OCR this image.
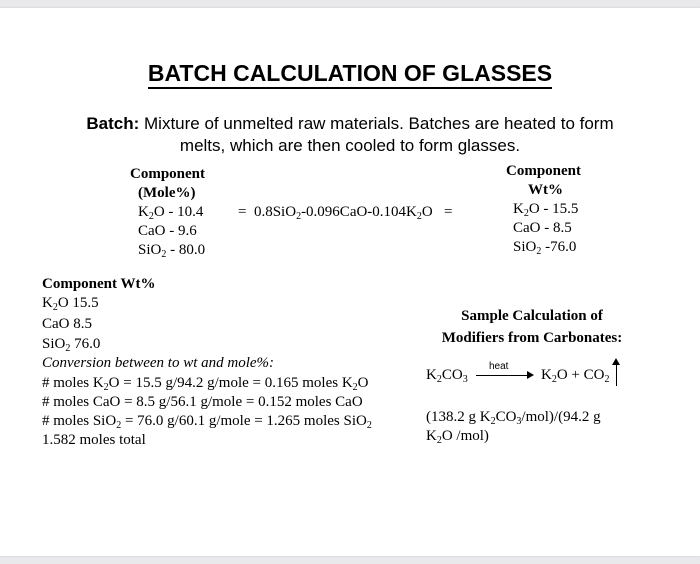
BATCH CALCULATION OF GLASSES
Batch: Mixture of unmelted raw materials. Batches are heated to form
melts, which are then cooled to form glasses.
Component
(Mole%)
$K_2O - 10.4$
CaO - 9.6
SiO$_2$ - 80.0
= $0.8SiO_2-0.096CaO-0.104K_2O$ =
Component
Wt%
$K_2O - 15.5$
CaO - 8.5
SiO$_2$ -76.0
Component Wt%
$K_2O$ 15.5
CaO 8.5
SiO$_2$ 76.0
Conversion between to wt and mole%:
# moles $K_2O = 15.5$ g/94.2 g/mole = 0.165 moles $K_2O$
# moles CaO = 8.5 g/56.1 g/mole = 0.152 moles CaO
# moles SiO$_2$ = 76.0 g/60.1 g/mole = 1.265 moles SiO$_2$
1.582 moles total
Sample Calculation of
Modifiers from Carbonates:
$K_2CO_3$
heat
$K_2O + CO_2$
(138.2 g $K_2CO_3/mol)/(94.2$ g
$K_2O$ /mol)
